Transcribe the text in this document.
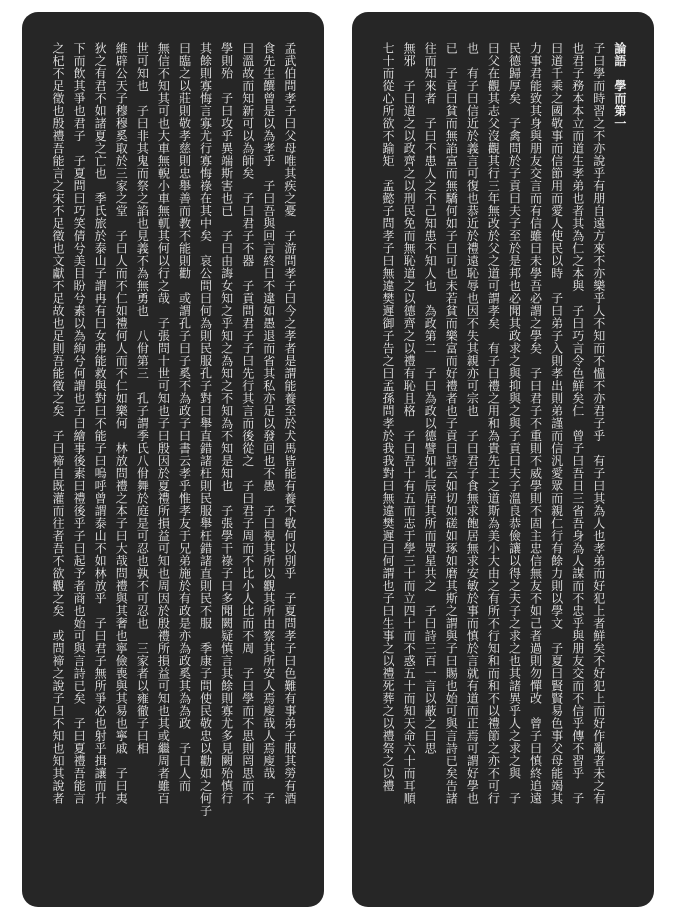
孟武伯問孝子曰父母唯其疾之憂　子游問孝子曰今之孝者是謂能養至於犬馬皆能有養不敬何以別乎　子夏問孝子曰色難有事弟子服其勞有酒
食先生饌曾是以為孝乎　子曰吾與回言終日不違如愚退而省其私亦足以發回也不愚　子曰視其所以觀其所由察其所安人焉廋哉人焉廋哉　子
曰溫故而知新可以為師矣　子曰君子不器　子貢問君子子曰先行其言而後從之　子曰君子周而不比小人比而不周　子曰學而不思則罔思而不
學則殆　子曰攻乎異端斯害也已　子曰由誨女知之乎知之為知之不知為不知是知也　子張學干祿子曰多聞闕疑慎言其餘則寡尤多見闕殆慎行
其餘則寡悔言寡尤行寡悔祿在其中矣　哀公問曰何為則民服孔子對曰舉直錯諸枉則民服舉枉錯諸直則民不服　季康子問使民敬忠以勸如之何子
曰臨之以莊則敬孝慈則忠舉善而教不能則勸　或謂孔子曰子奚不為政子曰書云孝乎惟孝友于兄弟施於有政是亦為政奚其為為政　子曰人而
無信不知其可也大車無輗小車無軏其何以行之哉　子張問十世可知也子曰殷因於夏禮所損益可知也周因於殷禮所損益可知也其或繼周者雖百
世可知也　子曰非其鬼而祭之諂也見義不為無勇也　八佾第三　孔子謂季氏八佾舞於庭是可忍也孰不可忍也　三家者以雍徹子曰相
維辟公天子穆穆奚取於三家之堂　子曰人而不仁如禮何人而不仁如樂何　林放問禮之本子曰大哉問禮與其奢也寧儉喪與其易也寧戚　子曰夷
狄之有君不如諸夏之亡也　季氏旅於泰山子謂冉有曰女弗能救與對曰不能子曰嗚呼曾謂泰山不如林放乎　子曰君子無所爭必也射乎揖讓而升
下而飲其爭也君子　子夏問曰巧笑倩兮美目盼兮素以為絢兮何謂也子曰繪事後素曰禮後乎子曰起予者商也始可與言詩已矣　子曰夏禮吾能言
之杞不足徵也殷禮吾能言之宋不足徵也文獻不足故也足則吾能徵之矣　子曰禘自既灌而往者吾不欲觀之矣　或問禘之說子曰不知也知其說者	論語　學而第一
子曰學而時習之不亦說乎有朋自遠方來不亦樂乎人不知而不慍不亦君子乎　有子曰其為人也孝弟而好犯上者鮮矣不好犯上而好作亂者未之有
也君子務本本立而道生孝弟也者其為仁之本與　子曰巧言令色鮮矣仁　曾子曰吾日三省吾身為人謀而不忠乎與朋友交而不信乎傳不習乎　子
曰道千乘之國敬事而信節用而愛人使民以時　子曰弟子入則孝出則弟謹而信汎愛眾而親仁行有餘力則以學文　子夏曰賢賢易色事父母能竭其
力事君能致其身與朋友交言而有信雖曰未學吾必謂之學矣　子曰君子不重則不威學則不固主忠信無友不如己者過則勿憚改　曾子曰慎終追遠
民德歸厚矣　子禽問於子貢曰夫子至於是邦也必聞其政求之與抑與之與子貢曰夫子溫良恭儉讓以得之夫子之求之也其諸異乎人之求之與　子
曰父在觀其志父沒觀其行三年無改於父之道可謂孝矣　有子曰禮之用和為貴先王之道斯為美小大由之有所不行知和而和不以禮節之亦不可行
也　有子曰信近於義言可復也恭近於禮遠恥辱也因不失其親亦可宗也　子曰君子食無求飽居無求安敏於事而慎於言就有道而正焉可謂好學也
已　子貢曰貧而無諂富而無驕何如子曰可也未若貧而樂富而好禮者也子貢曰詩云如切如磋如琢如磨其斯之謂與子曰賜也始可與言詩已矣告諸
往而知來者　子曰不患人之不己知患不知人也　為政第二　子曰為政以德譬如北辰居其所而眾星共之　子曰詩三百一言以蔽之曰思
無邪　子曰道之以政齊之以刑民免而無恥道之以德齊之以禮有恥且格　子曰吾十有五而志于學三十而立四十而不惑五十而知天命六十而耳順
七十而從心所欲不踰矩　孟懿子問孝子曰無違樊遲御子告之曰孟孫問孝於我我對曰無違樊遲曰何謂也子曰生事之以禮死葬之以禮祭之以禮
